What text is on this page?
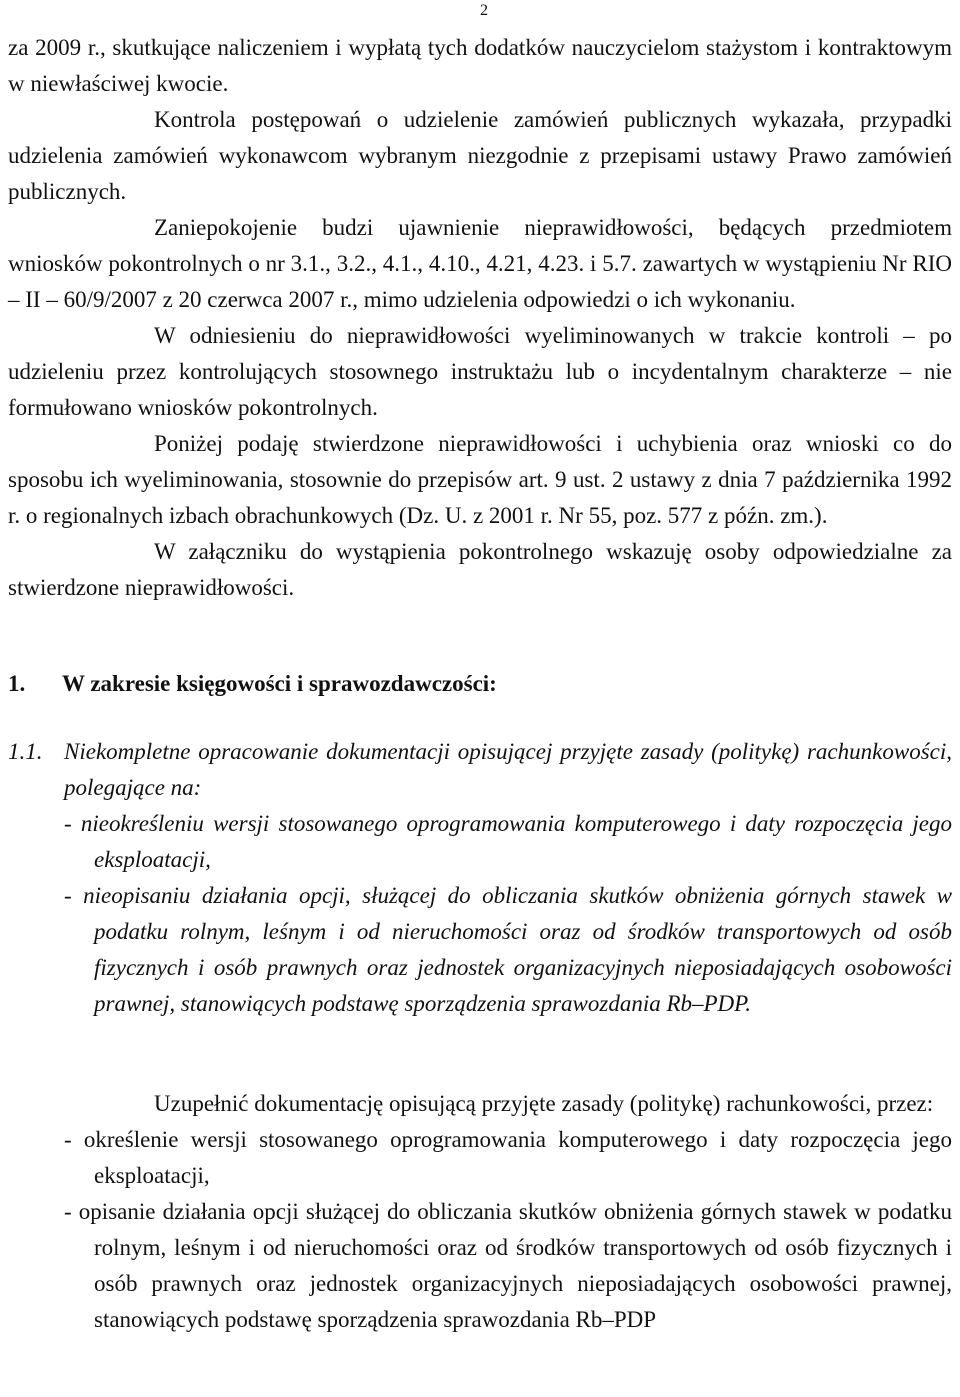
2

za 2009 r., skutkujące naliczeniem i wypłatą tych dodatków nauczycielom stażystom i kontraktowym w niewłaściwej kwocie.

Kontrola postępowań o udzielenie zamówień publicznych wykazała, przypadki udzielenia zamówień wykonawcom wybranym niezgodnie z przepisami ustawy Prawo zamówień publicznych.

Zaniepokojenie budzi ujawnienie nieprawidłowości, będących przedmiotem wniosków pokontrolnych o nr 3.1., 3.2., 4.1., 4.10., 4.21, 4.23. i 5.7. zawartych w wystąpieniu Nr RIO – II – 60/9/2007 z 20 czerwca 2007 r., mimo udzielenia odpowiedzi o ich wykonaniu.

W odniesieniu do nieprawidłowości wyeliminowanych w trakcie kontroli – po udzieleniu przez kontrolujących stosownego instruktażu lub o incydentalnym charakterze – nie formułowano wniosków pokontrolnych.

Poniżej podaję stwierdzone nieprawidłowości i uchybienia oraz wnioski co do sposobu ich wyeliminowania, stosownie do przepisów art. 9 ust. 2 ustawy z dnia 7 października 1992 r. o regionalnych izbach obrachunkowych (Dz. U. z 2001 r. Nr 55, poz. 577 z późn. zm.).

W załączniku do wystąpienia pokontrolnego wskazuję osoby odpowiedzialne za stwierdzone nieprawidłowości.

1. W zakresie księgowości i sprawozdawczości:

1.1. Niekompletne opracowanie dokumentacji opisującej przyjęte zasady (politykę) rachunkowości, polegające na:

- nieokreśleniu wersji stosowanego oprogramowania komputerowego i daty rozpoczęcia jego eksploatacji,

- nieopisaniu działania opcji, służącej do obliczania skutków obniżenia górnych stawek w podatku rolnym, leśnym i od nieruchomości oraz od środków transportowych od osób fizycznych i osób prawnych oraz jednostek organizacyjnych nieposiadających osobowości prawnej, stanowiących podstawę sporządzenia sprawozdania Rb–PDP.

Uzupełnić dokumentację opisującą przyjęte zasady (politykę) rachunkowości, przez:

- określenie wersji stosowanego oprogramowania komputerowego i daty rozpoczęcia jego eksploatacji,

- opisanie działania opcji służącej do obliczania skutków obniżenia górnych stawek w podatku rolnym, leśnym i od nieruchomości oraz od środków transportowych od osób fizycznych i osób prawnych oraz jednostek organizacyjnych nieposiadających osobowości prawnej, stanowiących podstawę sporządzenia sprawozdania Rb–PDP
